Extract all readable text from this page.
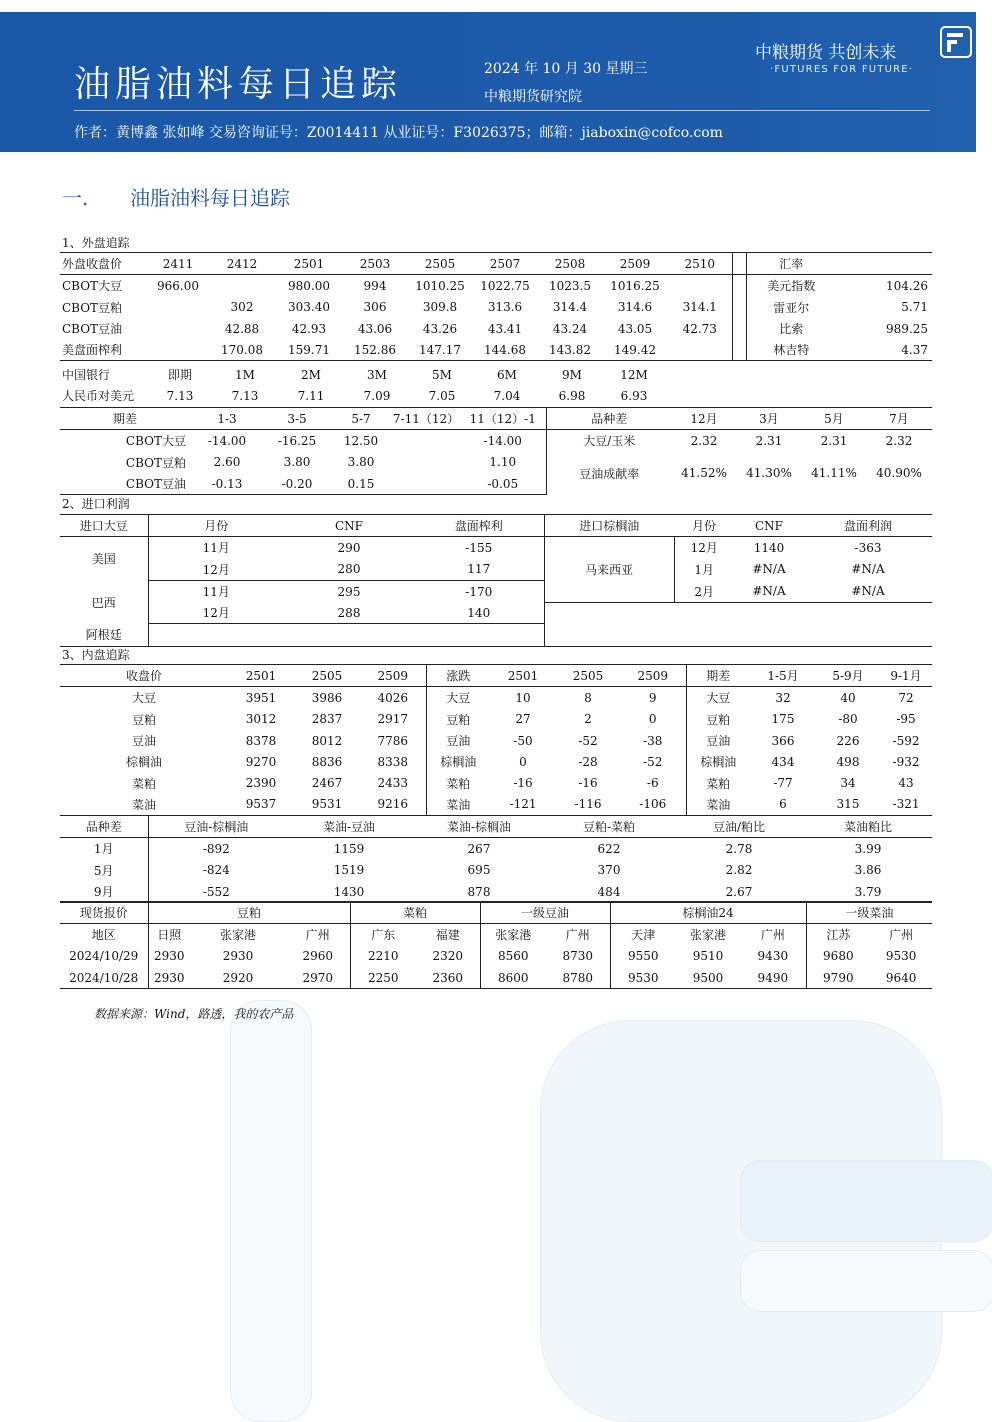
油脂油料每日追踪	2024 年 10 月 30 星期三
中粮期货研究院
中粮期货 共创未来
·FUTURES FOR FUTURE·
作者：黄博鑫 张如峰 交易咨询证号：Z0014411 从业证号：F3026375；邮箱：jiaboxin@cofco.com
一. 油脂油料每日追踪
1、外盘追踪
外盘收盘价	2411	2412	2501	2503	2505	2507	2508	2509	2510		汇率	
CBOT大豆	966.00		980.00	994	1010.25	1022.75	1023.5	1016.25			美元指数	104.26
CBOT豆粕		302	303.40	306	309.8	313.6	314.4	314.6	314.1		雷亚尔	5.71
CBOT豆油		42.88	42.93	43.06	43.26	43.41	43.24	43.05	42.73		比索	989.25
美盘面榨利		170.08	159.71	152.86	147.17	144.68	143.82	149.42			林吉特	4.37
中国银行	即期	1M	2M	3M	5M	6M	9M	12M
人民币对美元	7.13	7.13	7.11	7.09	7.05	7.04	6.98	6.93
期差	1-3	3-5	5-7	7-11（12）	11（12）-1	品种差	12月	3月	5月	7月
CBOT大豆	-14.00	-16.25	12.50		-14.00	大豆/玉米	2.32	2.31	2.31	2.32
CBOT豆粕	2.60	3.80	3.80		1.10	豆油成献率	41.52%	41.30%	41.11%	40.90%
CBOT豆油	-0.13	-0.20	0.15		-0.05					
2、进口利润
进口大豆	月份	CNF	盘面榨利	进口棕榈油	月份	CNF	盘面利润
美国	11月	290	-155	马来西亚	12月	1140	-363
	12月	280	117		1月	#N/A	#N/A
巴西	11月	295	-170		2月	#N/A	#N/A
	12月	288	140				
阿根廷							
3、内盘追踪
收盘价	2501	2505	2509	涨跌	2501	2505	2509	期差	1-5月	5-9月	9-1月
大豆	3951	3986	4026	大豆	10	8	9	大豆	32	40	72
豆粕	3012	2837	2917	豆粕	27	2	0	豆粕	175	-80	-95
豆油	8378	8012	7786	豆油	-50	-52	-38	豆油	366	226	-592
棕榈油	9270	8836	8338	棕榈油	0	-28	-52	棕榈油	434	498	-932
菜粕	2390	2467	2433	菜粕	-16	-16	-6	菜粕	-77	34	43
菜油	9537	9531	9216	菜油	-121	-116	-106	菜油	6	315	-321
品种差	豆油-棕榈油	菜油-豆油	菜油-棕榈油	豆粕-菜粕	豆油/粕比	菜油粕比
1月	-892	1159	267	622	2.78	3.99
5月	-824	1519	695	370	2.82	3.86
9月	-552	1430	878	484	2.67	3.79
现货报价	豆粕			菜粕		一级豆油		棕榈油24			一级菜油	
地区	日照	张家港	广州	广东	福建	张家港	广州	天津	张家港	广州	江苏	广州
2024/10/29	2930	2930	2960	2210	2320	8560	8730	9550	9510	9430	9680	9530
2024/10/28	2930	2920	2970	2250	2360	8600	8780	9530	9500	9490	9790	9640
数据来源：Wind，路透，我的农产品
